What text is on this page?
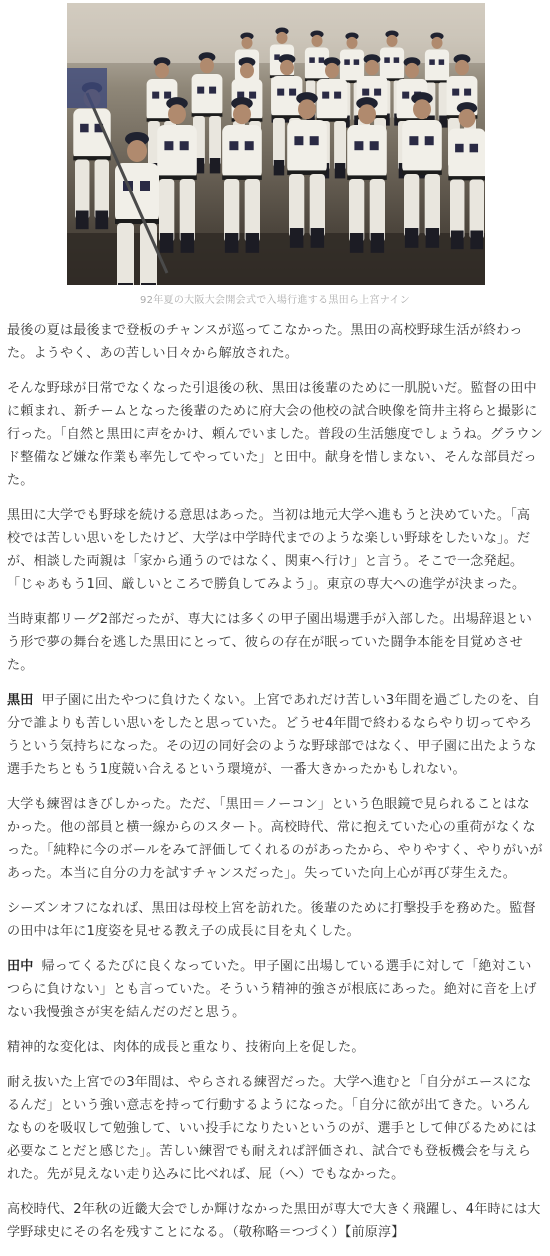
92年夏の大阪大会開会式で入場行進する黒田ら上宮ナイン

最後の夏は最後まで登板のチャンスが巡ってこなかった。黒田の高校野球生活が終わった。ようやく、あの苦しい日々から解放された。

そんな野球が日常でなくなった引退後の秋、黒田は後輩のために一肌脱いだ。監督の田中に頼まれ、新チームとなった後輩のために府大会の他校の試合映像を筒井主将らと撮影に行った。「自然と黒田に声をかけ、頼んでいました。普段の生活態度でしょうね。グラウンド整備など嫌な作業も率先してやっていた」と田中。献身を惜しまない、そんな部員だった。

黒田に大学でも野球を続ける意思はあった。当初は地元大学へ進もうと決めていた。「高校では苦しい思いをしたけど、大学は中学時代までのような楽しい野球をしたいな」。だが、相談した両親は「家から通うのではなく、関東へ行け」と言う。そこで一念発起。「じゃあもう1回、厳しいところで勝負してみよう」。東京の専大への進学が決まった。

当時東都リーグ2部だったが、専大には多くの甲子園出場選手が入部した。出場辞退という形で夢の舞台を逃した黒田にとって、彼らの存在が眠っていた闘争本能を目覚めさせた。

黒田 甲子園に出たやつに負けたくない。上宮であれだけ苦しい3年間を過ごしたのを、自分で誰よりも苦しい思いをしたと思っていた。どうせ4年間で終わるならやり切ってやろうという気持ちになった。その辺の同好会のような野球部ではなく、甲子園に出たような選手たちともう1度競い合えるという環境が、一番大きかったかもしれない。

大学も練習はきびしかった。ただ、「黒田＝ノーコン」という色眼鏡で見られることはなかった。他の部員と横一線からのスタート。高校時代、常に抱えていた心の重荷がなくなった。「純粋に今のボールをみて評価してくれるのがあったから、やりやすく、やりがいがあった。本当に自分の力を試すチャンスだった」。失っていた向上心が再び芽生えた。

シーズンオフになれば、黒田は母校上宮を訪れた。後輩のために打撃投手を務めた。監督の田中は年に1度姿を見せる教え子の成長に目を丸くした。

田中 帰ってくるたびに良くなっていた。甲子園に出場している選手に対して「絶対こいつらに負けない」とも言っていた。そういう精神的強さが根底にあった。絶対に音を上げない我慢強さが実を結んだのだと思う。

精神的な変化は、肉体的成長と重なり、技術向上を促した。

耐え抜いた上宮での3年間は、やらされる練習だった。大学へ進むと「自分がエースになるんだ」という強い意志を持って行動するようになった。「自分に欲が出てきた。いろんなものを吸収して勉強して、いい投手になりたいというのが、選手として伸びるためには必要なことだと感じた」。苦しい練習でも耐えれば評価され、試合でも登板機会を与えられた。先が見えない走り込みに比べれば、屁（へ）でもなかった。

高校時代、2年秋の近畿大会でしか輝けなかった黒田が専大で大きく飛躍し、4年時には大学野球史にその名を残すことになる。（敬称略＝つづく）【前原淳】
